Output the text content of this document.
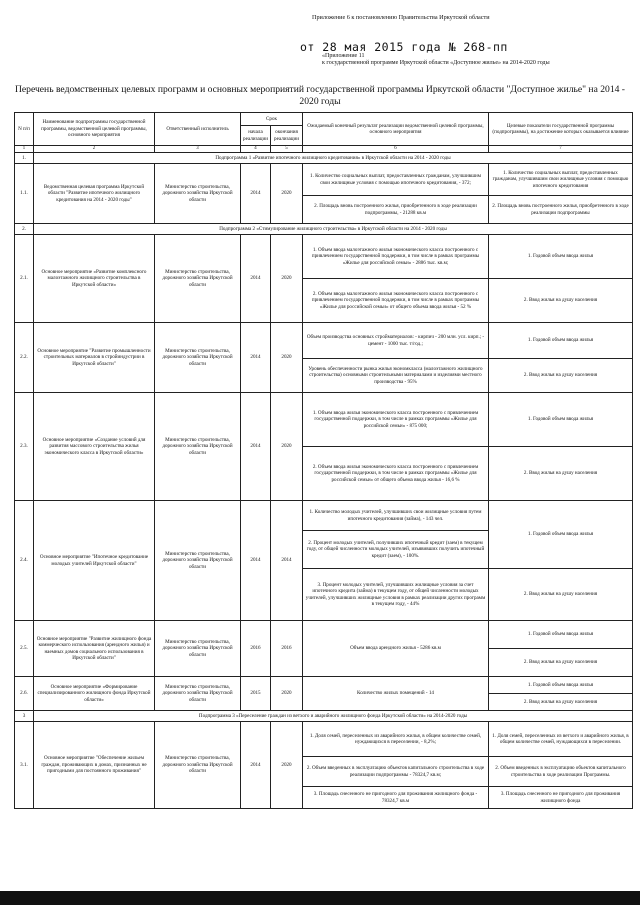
Приложение 6 к постановлению Правительства Иркутской области
от 28 мая 2015 года № 268-пп
«Приложение 11
к государственной программе Иркутской области «Доступное жилье» на 2014-2020 годы
Перечень ведомственных целевых программ и основных мероприятий государственной программы Иркутской области "Доступное жилье" на 2014 - 2020 годы
N п/п	Наименование подпрограммы государственной программы, ведомственной целевой программы, основного мероприятия	Ответственный исполнитель	Срок		Ожидаемый конечный результат реализации ведомственной целевой программы, основного мероприятия	Целевые показатели государственной программы (подпрограммы), на достижение которых оказывается влияние
			начала реализации	окончания реализации		
1	2	3	4	5	6	7
1.	Подпрограмма 1 «Развитие ипотечного жилищного кредитования» в Иркутской области на 2014 - 2020 годы					
1.1.	Ведомственная целевая программа Иркутской области "Развитие ипотечного жилищного кредитования на 2014 - 2020 годы"	Министерство строительства, дорожного хозяйства Иркутской области	2014	2020	1. Количество социальных выплат, предоставленных гражданам, улучшившим свои жилищные условия с помощью ипотечного кредитования, - 372;	1. Количество социальных выплат, предоставленных гражданам, улучшившим свои жилищные условия с помощью ипотечного кредитования
					2. Площадь вновь построенного жилья, приобретенного в ходе реализации подпрограммы, - 21288 кв.м	2. Площадь вновь построенного жилья, приобретенного в ходе реализации подпрограммы
2.	Подпрограмма 2 «Стимулирование жилищного строительства» в Иркутской области на 2014 - 2020 годы					
2.1.	Основное мероприятие «Развитие комплексного малоэтажного жилищного строительства в Иркутской области»	Министерство строительства, дорожного хозяйства Иркутской области	2014	2020	1. Объем ввода малоэтажного жилья экономического класса построенного с привлечением государственной поддержки, в том числе в рамках программы «Жилье для российской семьи» - 2886 тыс. кв.м;	1. Годовой объем ввода жилья
					2. Объем ввода малоэтажного жилья экономического класса построенного с привлечением государственной поддержки, в том числе в рамках программы «Жилье для российской семьи» от общего объема ввода жилья - 52 %	2. Ввод жилья на душу населения
2.2.	Основное мероприятие "Развитие промышленности строительных материалов в стройиндустрии в Иркутской области"	Министерство строительства, дорожного хозяйства Иркутской области	2014	2020	Объем производства основных стройматериалов: - кирпич - 200 млн. усл. кирп.; - цемент - 1000 тыс. т/год.;	1. Годовой объем ввода жилья
					Уровень обеспеченности рынка жилья экономкласса (малоэтажного жилищного строительства) основными строительными материалами и изделиями местного производства - 95%	2. Ввод жилья на душу населения
2.3.	Основное мероприятие «Создание условий для развития массового строительства жилья экономического класса в Иркутской области»	Министерство строительства, дорожного хозяйства Иркутской области	2014	2020	1. Объем ввода жилья экономического класса построенного с привлечением государственной поддержки, в том числе в рамках программы «Жилье для российской семьи» - 875 000;	1. Годовой объем ввода жилья
					2. Объем ввода жилья экономического класса построенного с привлечением государственной поддержки, в том числе в рамках программы «Жилье для российской семьи» от общего объема ввода жилья - 16,6 %	2. Ввод жилья на душу населения
2.4.	Основное мероприятие "Ипотечное кредитование молодых учителей Иркутской области"	Министерство строительства, дорожного хозяйства Иркутской области	2014	2014	1. Количество молодых учителей, улучшивших свои жилищные условия путем ипотечного кредитования (займа), - 143 чел.	1. Годовой объем ввода жилья
					2. Процент молодых учителей, получивших ипотечный кредит (заем) в текущем году, от общей численности молодых учителей, изъявивших получить ипотечный кредит (заем), - 100%.	
					3. Процент молодых учителей, улучшивших жилищные условия за счет ипотечного кредита (займа) в текущем году, от общей численности молодых учителей, улучшивших жилищные условия в рамках реализации других программ в текущем году, - 44%	2. Ввод жилья на душу населения
2.5.	Основное мероприятие "Развитие жилищного фонда коммерческого использования (арендного жилья) и наемных домов социального использования в Иркутской области"	Министерство строительства, дорожного хозяйства Иркутской области	2016	2016	Объем ввода арендного жилья - 5286 кв.м	1. Годовой объем ввода жилья
						2. Ввод жилья на душу населения
2.6.	Основное мероприятие «Формирование специализированного жилищного фонда Иркутской области»	Министерство строительства, дорожного хозяйства Иркутской области	2015	2020	Количество жилых помещений - 14	1. Годовой объем ввода жилья
						2. Ввод жилья на душу населения
3	Подпрограмма 3 «Переселение граждан из ветхого и аварийного жилищного фонда Иркутской области» на 2014-2020 годы					
3.1.	Основное мероприятие "Обеспечение жильем граждан, проживающих в домах, признанных не пригодными для постоянного проживания"	Министерство строительства, дорожного хозяйства Иркутской области	2014	2020	1. Доля семей, переселенных из аварийного жилья, в общем количестве семей, нуждающихся в переселении, - 8,2%;	1. Доля семей, переселенных из ветхого и аварийного жилья, в общем количестве семей, нуждающихся в переселении.
					2. Объем введенных в эксплуатацию объектов капитального строительства в ходе реализации подпрограммы - 78324,7 кв.м;	2. Объем введенных в эксплуатацию объектов капитального строительства в ходе реализации Программы.
					3. Площадь снесенного не пригодного для проживания жилищного фонда - 78324,7 кв.м	3. Площадь снесенного не пригодного для проживания жилищного фонда
